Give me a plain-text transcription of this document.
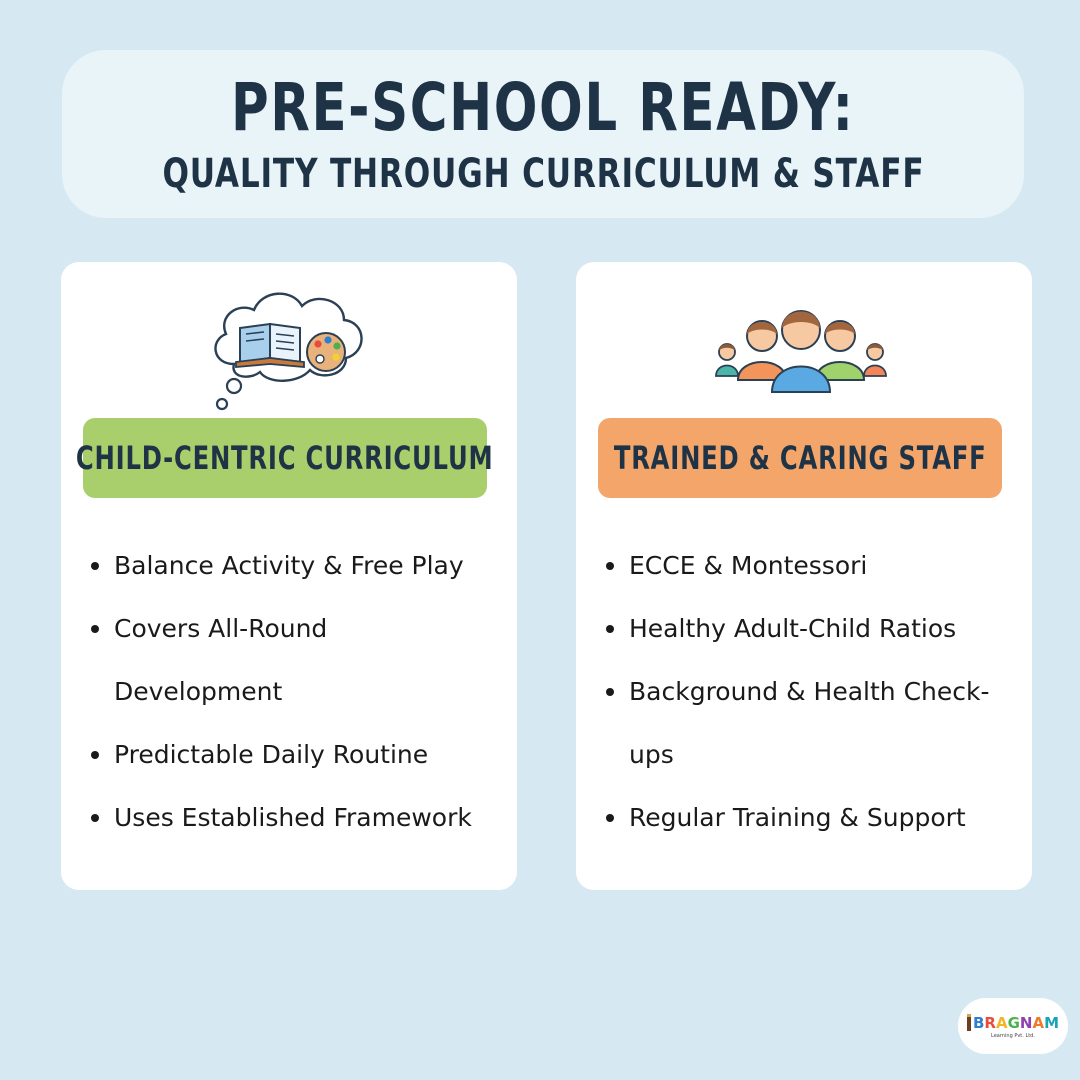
PRE-SCHOOL READY:
QUALITY THROUGH CURRICULUM & STAFF
CHILD-CENTRIC CURRICULUM
Balance Activity & Free Play
Covers All-Round Development
Predictable Daily Routine
Uses Established Framework
TRAINED & CARING STAFF
ECCE & Montessori
Healthy Adult-Child Ratios
Background & Health Check-ups
Regular Training & Support
B R A G N A M
Learning Pvt. Ltd.
